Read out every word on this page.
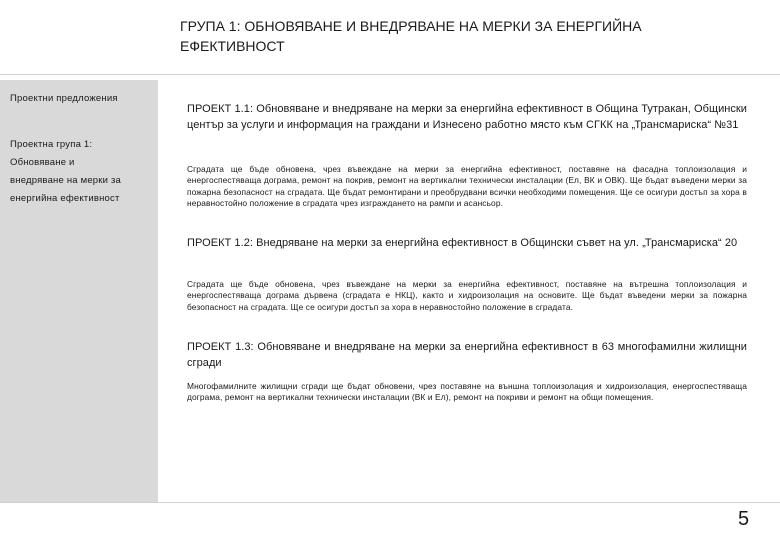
ГРУПА 1: ОБНОВЯВАНЕ И ВНЕДРЯВАНЕ НА МЕРКИ ЗА ЕНЕРГИЙНА ЕФЕКТИВНОСТ
Проектни предложения
Проектна група 1:
Обновяване и
внедряване на мерки за
енергийна ефективност
ПРОЕКТ 1.1: Обновяване и внедряване на мерки за енергийна ефективност в Община Тутракан, Общински център за услуги и информация на граждани и Изнесено работно място към СГКК на „Трансмариска“ №31
Сградата ще бъде обновена, чрез въвеждане на мерки за енергийна ефективност, поставяне на фасадна топлоизолация и енергоспестяваща дограма, ремонт на покрив, ремонт на вертикални технически инсталации (Ел, ВК и ОВК). Ще бъдат въведени мерки за пожарна безопасност на сградата. Ще бъдат ремонтирани и преобрудвани всички необходими помещения. Ще се осигури достъп за хора в неравностойно положение в сградата чрез изграждането на рампи и асансьор.
ПРОЕКТ 1.2: Внедряване на мерки за енергийна ефективност в Общински съвет на ул. „Трансмариска“ 20
Сградата ще бъде обновена, чрез въвеждане на мерки за енергийна ефективност, поставяне на вътрешна топлоизолация и енергоспестяваща дограма дървена (сградата е НКЦ), както и хидроизолация на основите. Ще бъдат въведени мерки за пожарна безопасност на сградата. Ще се осигури достъп за хора в неравностойно положение в сградата.
ПРОЕКТ 1.3: Обновяване и внедряване на мерки за енергийна ефективност в 63 многофамилни жилищни сгради
Многофамилните жилищни сгради ще бъдат обновени, чрез поставяне на външна топлоизолация и хидроизолация, енергоспестяваща дограма, ремонт на вертикални технически инсталации (ВК и Ел), ремонт на покриви и ремонт на общи помещения.
5
